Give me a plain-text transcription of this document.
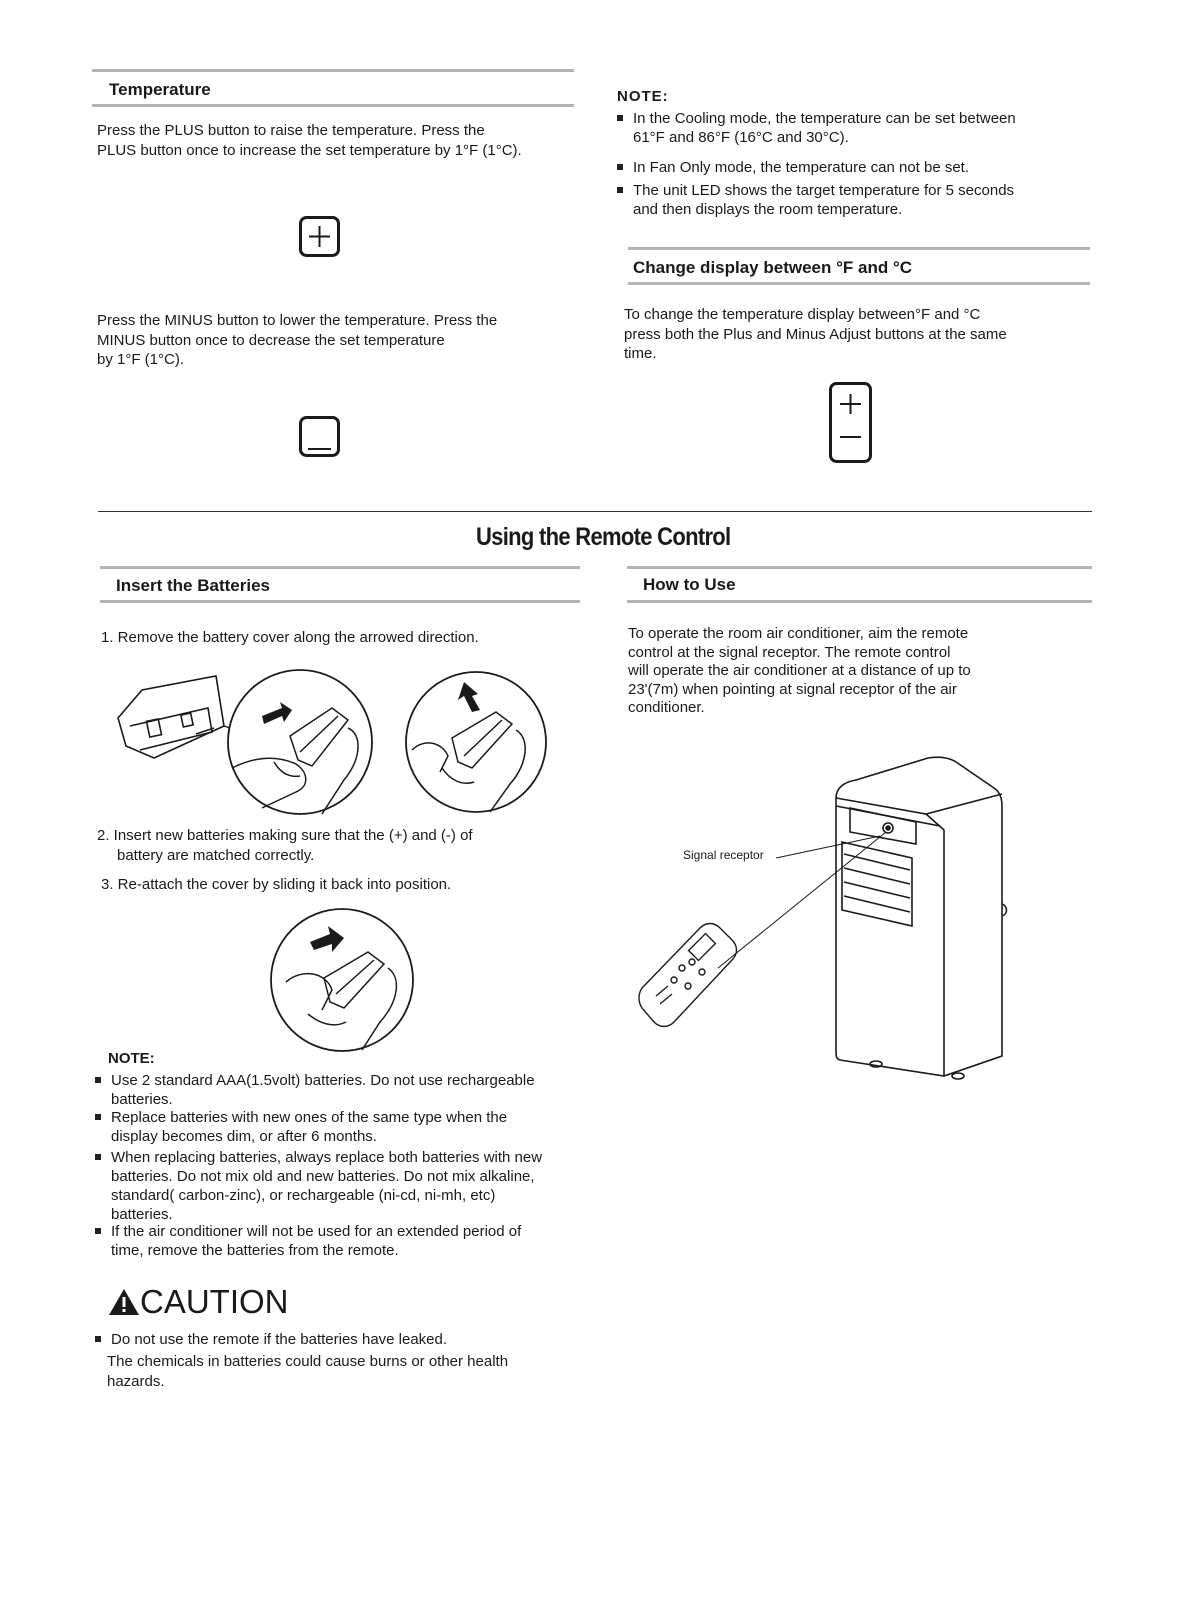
Temperature
Press the PLUS button to raise the temperature. Press the
PLUS button once to increase the set temperature by 1°F (1°C).
Press the MINUS button to lower the temperature. Press the
MINUS button once to decrease the set temperature
by 1°F (1°C).
NOTE:
In the Cooling mode, the temperature can be set between
61°F and 86°F (16°C and 30°C).
In Fan Only mode, the temperature can not be set.
The unit LED shows the target temperature for 5 seconds
and then displays the room temperature.
Change display between °F and °C
To change the temperature display between°F and °C
press both the Plus and Minus Adjust buttons at the same
time.
Using the Remote Control
Insert the Batteries
1. Remove the battery cover along the arrowed direction.
2. Insert new batteries making sure that the (+) and (-) of
battery are matched correctly.
3. Re-attach the cover by sliding it back into position.
NOTE:
Use 2 standard AAA(1.5volt) batteries. Do not use rechargeable
batteries.
Replace batteries with new ones of the same type when the
display becomes dim, or after 6 months.
When replacing batteries, always replace both batteries with new
batteries. Do not mix old and new batteries. Do not mix alkaline,
standard( carbon-zinc), or rechargeable (ni-cd, ni-mh, etc)
batteries.
If the air conditioner will not be used for an extended period of
time, remove the batteries from the remote.
CAUTION
Do not use the remote if the batteries have leaked.
The chemicals in batteries could cause burns or other health
hazards.
How to Use
To operate the room air conditioner, aim the remote
control at the signal receptor. The remote control
will operate the air conditioner at a distance of up to
23'(7m) when pointing at signal receptor of the air
conditioner.
Signal receptor
